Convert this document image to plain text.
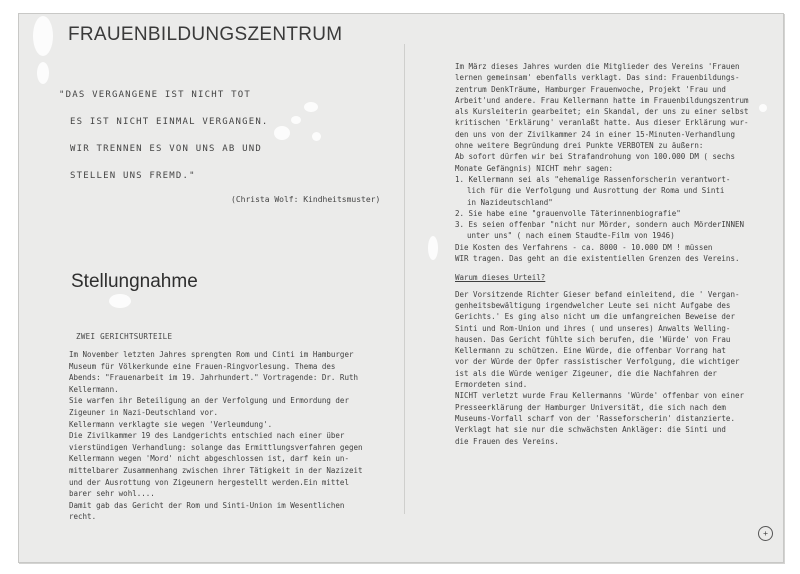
FRAUENBILDUNGSZENTRUM
"DAS VERGANGENE IST NICHT TOT
ES IST NICHT EINMAL VERGANGEN.
WIR TRENNEN ES VON UNS AB UND
STELLEN UNS FREMD."
(Christa Wolf: Kindheitsmuster)
Stellungnahme
ZWEI GERICHTSURTEILE
Im November letzten Jahres sprengten Rom und Cinti im Hamburger
Museum für Völkerkunde eine Frauen-Ringvorlesung. Thema des
Abends: "Frauenarbeit im 19. Jahrhundert." Vortragende: Dr. Ruth
Kellermann.
Sie warfen ihr Beteiligung an der Verfolgung und Ermordung der
Zigeuner in Nazi-Deutschland vor.
Kellermann verklagte sie wegen 'Verleumdung'.
Die Zivilkammer 19 des Landgerichts entschied nach einer über
vierstündigen Verhandlung: solange das Ermittlungsverfahren gegen
Kellermann wegen 'Mord' nicht abgeschlossen ist, darf kein un-
mittelbarer Zusammenhang zwischen ihrer Tätigkeit in der Nazizeit
und der Ausrottung von Zigeunern hergestellt werden.Ein mittel
barer sehr wohl....
Damit gab das Gericht der Rom und Sinti-Union im Wesentlichen
recht.
Im März dieses Jahres wurden die Mitglieder des Vereins 'Frauen
lernen gemeinsam' ebenfalls verklagt. Das sind: Frauenbildungs-
zentrum DenkTräume, Hamburger Frauenwoche, Projekt 'Frau und
Arbeit'und andere. Frau Kellermann hatte im Frauenbildungszentrum
als Kursleiterin gearbeitet; ein Skandal, der uns zu einer selbst
kritischen 'Erklärung' veranlaßt hatte. Aus dieser Erklärung wur-
den uns von der Zivilkammer 24 in einer 15-Minuten-Verhandlung
ohne weitere Begründung drei Punkte VERBOTEN zu äußern:
Ab sofort dürfen wir bei Strafandrohung von 100.000 DM ( sechs
Monate Gefängnis) NICHT mehr sagen:
1. Kellermann sei als "ehemalige Rassenforscherin verantwort-
lich für die Verfolgung und Ausrottung der Roma und Sinti
in Nazideutschland"
2. Sie habe eine "grauenvolle Täterinnenbiografie"
3. Es seien offenbar "nicht nur Mörder, sondern auch MörderINNEN
unter uns" ( nach einem Staudte-Film von 1946)
Die Kosten des Verfahrens - ca. 8000 - 10.000 DM ! müssen
WIR tragen. Das geht an die existentiellen Grenzen des Vereins.
Warum dieses Urteil?
Der Vorsitzende Richter Gieser befand einleitend, die ' Vergan-
genheitsbewältigung irgendwelcher Leute sei nicht Aufgabe des
Gerichts.' Es ging also nicht um die umfangreichen Beweise der
Sinti und Rom-Union und ihres ( und unseres) Anwalts Welling-
hausen. Das Gericht fühlte sich berufen, die 'Würde' von Frau
Kellermann zu schützen. Eine Würde, die offenbar Vorrang hat
vor der Würde der Opfer rassistischer Verfolgung, die wichtiger
ist als die Würde weniger Zigeuner, die die Nachfahren der
Ermordeten sind.
NICHT verletzt wurde Frau Kellermanns 'Würde' offenbar von einer
Presseerklärung der Hamburger Universität, die sich nach dem
Museums-Vorfall scharf von der 'Rasseforscherin' distanzierte.
Verklagt hat sie nur die schwächsten Ankläger: die Sinti und
die Frauen des Vereins.
+
